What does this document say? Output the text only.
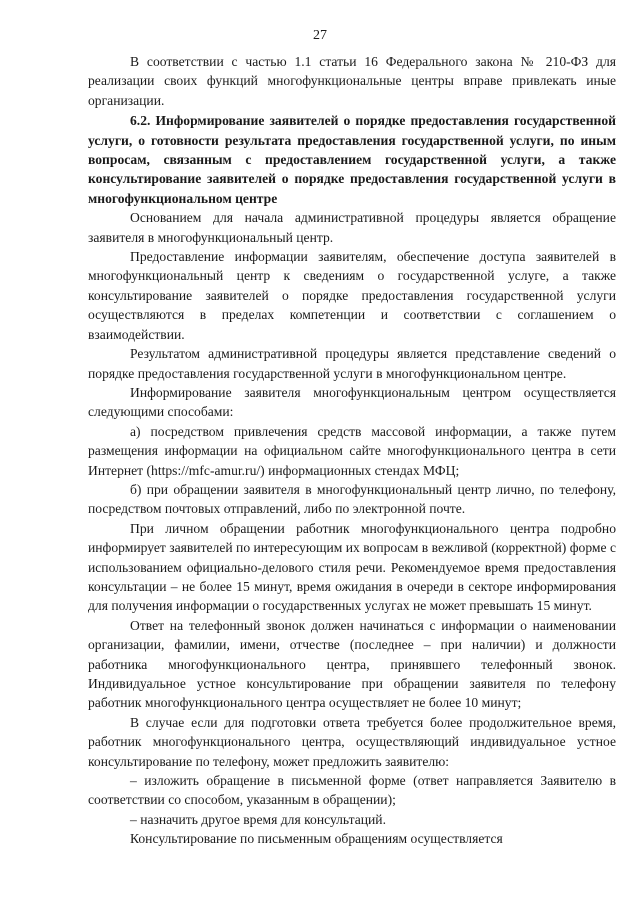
27

В соответствии с частью 1.1 статьи 16 Федерального закона № 210-ФЗ для реализации своих функций многофункциональные центры вправе привлекать иные организации.

6.2. Информирование заявителей о порядке предоставления государственной услуги, о готовности результата предоставления государственной услуги, по иным вопросам, связанным с предоставлением государственной услуги, а также консультирование заявителей о порядке предоставления государственной услуги в многофункциональном центре

Основанием для начала административной процедуры является обращение заявителя в многофункциональный центр.

Предоставление информации заявителям, обеспечение доступа заявителей в многофункциональный центр к сведениям о государственной услуге, а также консультирование заявителей о порядке предоставления государственной услуги осуществляются в пределах компетенции и соответствии с соглашением о взаимодействии.

Результатом административной процедуры является представление сведений о порядке предоставления государственной услуги в многофункциональном центре.

Информирование заявителя многофункциональным центром осуществляется следующими способами:

а) посредством привлечения средств массовой информации, а также путем размещения информации на официальном сайте многофункционального центра в сети Интернет (https://mfc-amur.ru/) информационных стендах МФЦ;

б) при обращении заявителя в многофункциональный центр лично, по телефону, посредством почтовых отправлений, либо по электронной почте.

При личном обращении работник многофункционального центра подробно информирует заявителей по интересующим их вопросам в вежливой (корректной) форме с использованием официально-делового стиля речи. Рекомендуемое время предоставления консультации – не более 15 минут, время ожидания в очереди в секторе информирования для получения информации о государственных услугах не может превышать 15 минут.

Ответ на телефонный звонок должен начинаться с информации о наименовании организации, фамилии, имени, отчестве (последнее – при наличии) и должности работника многофункционального центра, принявшего телефонный звонок. Индивидуальное устное консультирование при обращении заявителя по телефону работник многофункционального центра осуществляет не более 10 минут;

В случае если для подготовки ответа требуется более продолжительное время, работник многофункционального центра, осуществляющий индивидуальное устное консультирование по телефону, может предложить заявителю:

– изложить обращение в письменной форме (ответ направляется Заявителю в соответствии со способом, указанным в обращении);

– назначить другое время для консультаций.

Консультирование по письменным обращениям осуществляется
